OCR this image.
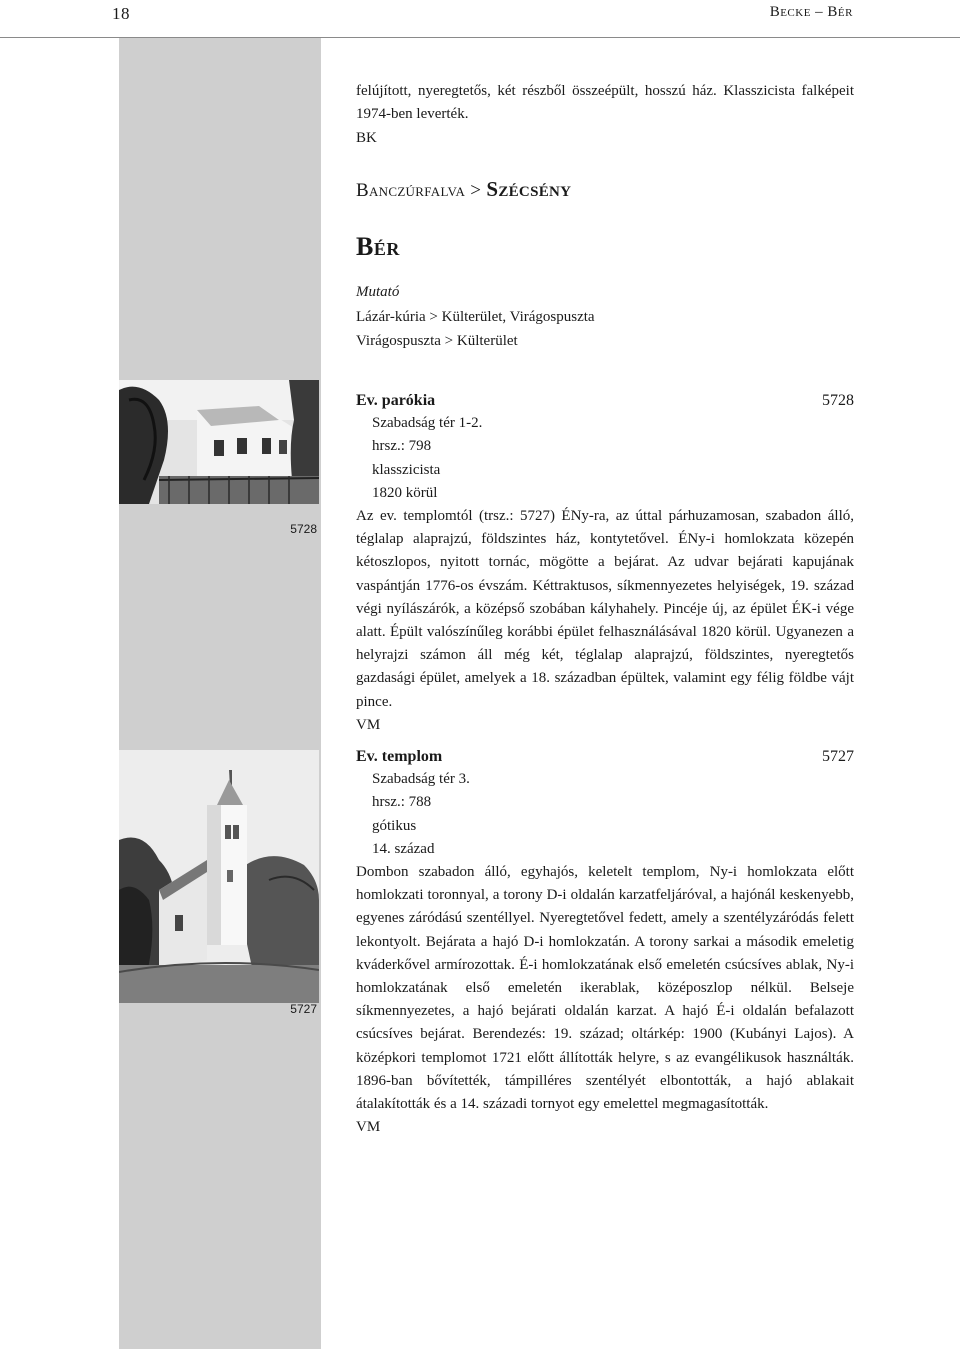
18	Becke – Bér
5728
5727

felújított, nyeregtetős, két részből összeépült, hosszú ház. Klasszicista falképeit 1974-ben leverték.

BK

Banczúrfalva > Szécsény
Bér
Mutató
Lázár-kúria > Külterület, Virágospuszta
Virágospuszta > Külterület
Ev. parókia	5728
Szabadság tér 1-2.
hrsz.: 798
klasszicista
1820 körül

Az ev. templomtól (trsz.: 5727) ÉNy-ra, az úttal párhuzamosan, szabadon álló, téglalap alaprajzú, földszintes ház, kontytetővel. ÉNy-i homlokzata közepén kétoszlopos, nyitott tornác, mögötte a bejárat. Az udvar bejárati kapujának vaspántján 1776-os évszám. Kéttraktusos, síkmennyezetes helyiségek, 19. század végi nyílászárók, a középső szobában kályhahely. Pincéje új, az épület ÉK-i vége alatt. Épült valószínűleg korábbi épület felhasználásával 1820 körül. Ugyanezen a helyrajzi számon áll még két, téglalap alaprajzú, földszintes, nyeregtetős gazdasági épület, amelyek a 18. században épültek, valamint egy félig földbe vájt pince.

VM
Ev. templom	5727
Szabadság tér 3.
hrsz.: 788
gótikus
14. század

Dombon szabadon álló, egyhajós, keletelt templom, Ny-i homlokzata előtt homlokzati toronnyal, a torony D-i oldalán karzatfeljáróval, a hajónál keskenyebb, egyenes záródású szentéllyel. Nyeregtetővel fedett, amely a szentélyzáródás felett lekontyolt. Bejárata a hajó D-i homlokzatán. A torony sarkai a második emeletig kváderkővel armírozottak. É-i homlokzatának első emeletén csúcsíves ablak, Ny-i homlokzatának első emeletén ikerablak, középoszlop nélkül. Belseje síkmennyezetes, a hajó bejárati oldalán karzat. A hajó É-i oldalán befalazott csúcsíves bejárat. Berendezés: 19. század; oltárkép: 1900 (Kubányi Lajos). A középkori templomot 1721 előtt állították helyre, s az evangélikusok használták. 1896-ban bővítették, támpilléres szentélyét elbontották, a hajó ablakait átalakították és a 14. századi tornyot egy emelettel megmagasították.

VM
